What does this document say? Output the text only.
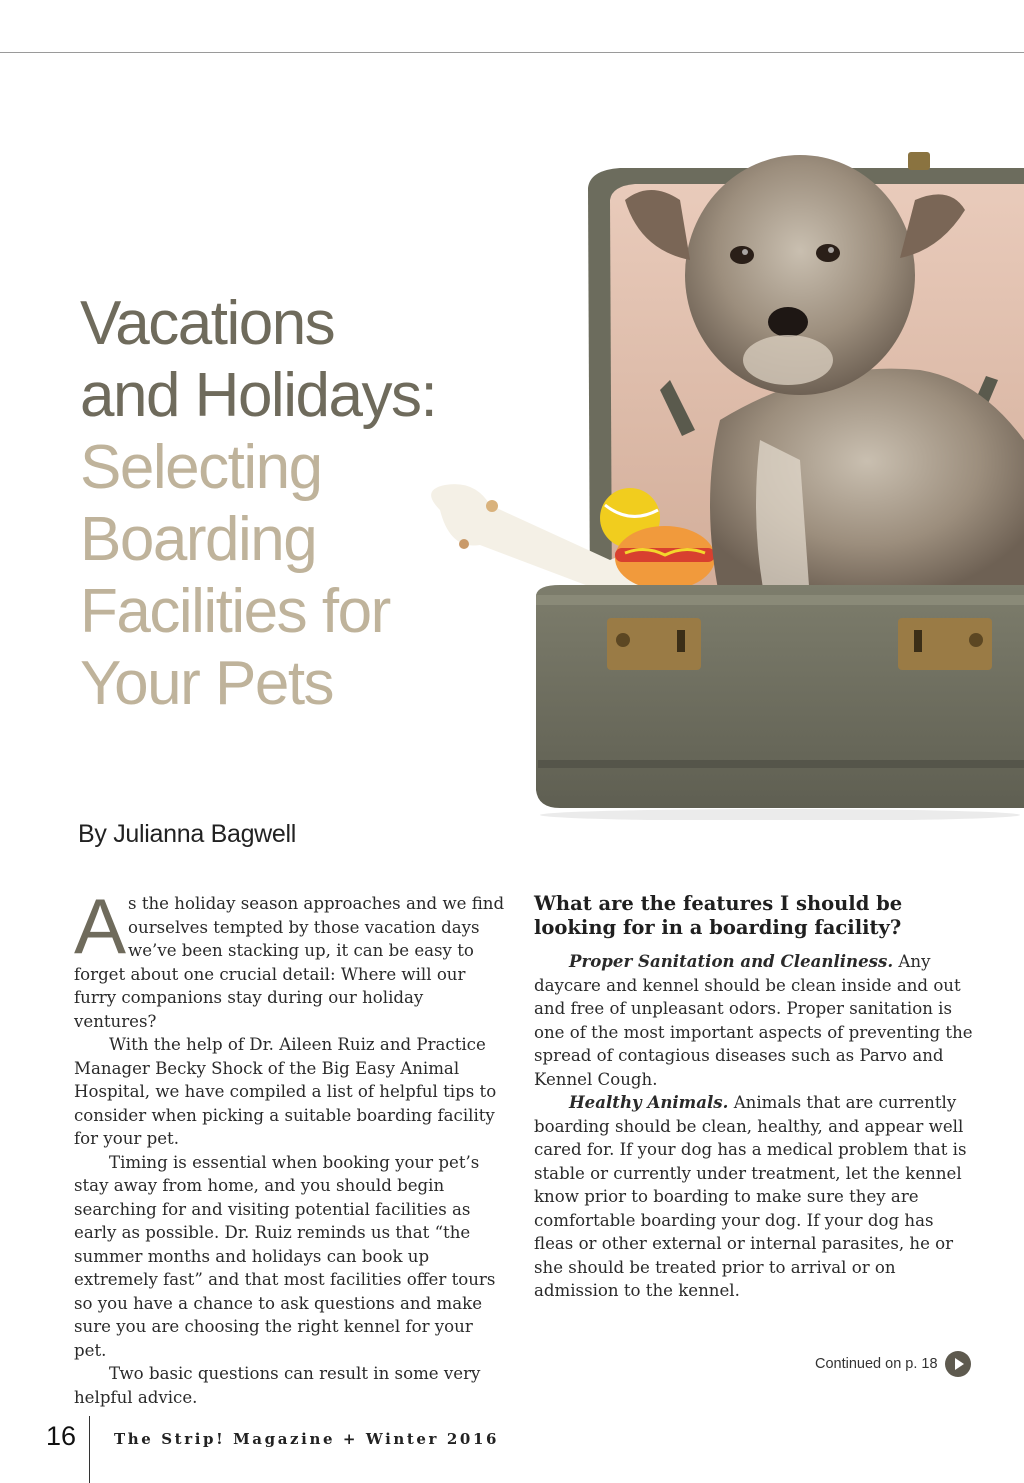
Vacations
and Holidays:
Selecting
Boarding
Facilities for
Your Pets
By Julianna Bagwell

As the holiday season approaches and we find ourselves tempted by those vacation days we’ve been stacking up, it can be easy to forget about one crucial detail: Where will our furry companions stay during our holiday ventures?

With the help of Dr. Aileen Ruiz and Practice Manager Becky Shock of the Big Easy Animal Hospital, we have compiled a list of helpful tips to consider when picking a suitable boarding facility for your pet.

Timing is essential when booking your pet’s stay away from home, and you should begin searching for and visiting potential facilities as early as possible. Dr. Ruiz reminds us that “the summer months and holidays can book up extremely fast” and that most facilities offer tours so you have a chance to ask questions and make sure you are choosing the right kennel for your pet.

Two basic questions can result in some very helpful advice.

What are the features I should be looking for in a boarding facility?

Proper Sanitation and Cleanliness. Any daycare and kennel should be clean inside and out and free of unpleasant odors. Proper sanitation is one of the most important aspects of preventing the spread of contagious diseases such as Parvo and Kennel Cough.

Healthy Animals. Animals that are currently boarding should be clean, healthy, and appear well cared for. If your dog has a medical problem that is stable or currently under treatment, let the kennel know prior to boarding to make sure they are comfortable boarding your dog. If your dog has fleas or other external or internal parasites, he or she should be treated prior to arrival or on admission to the kennel.

Continued on p. 18
16	The Strip! Magazine + Winter 2016
